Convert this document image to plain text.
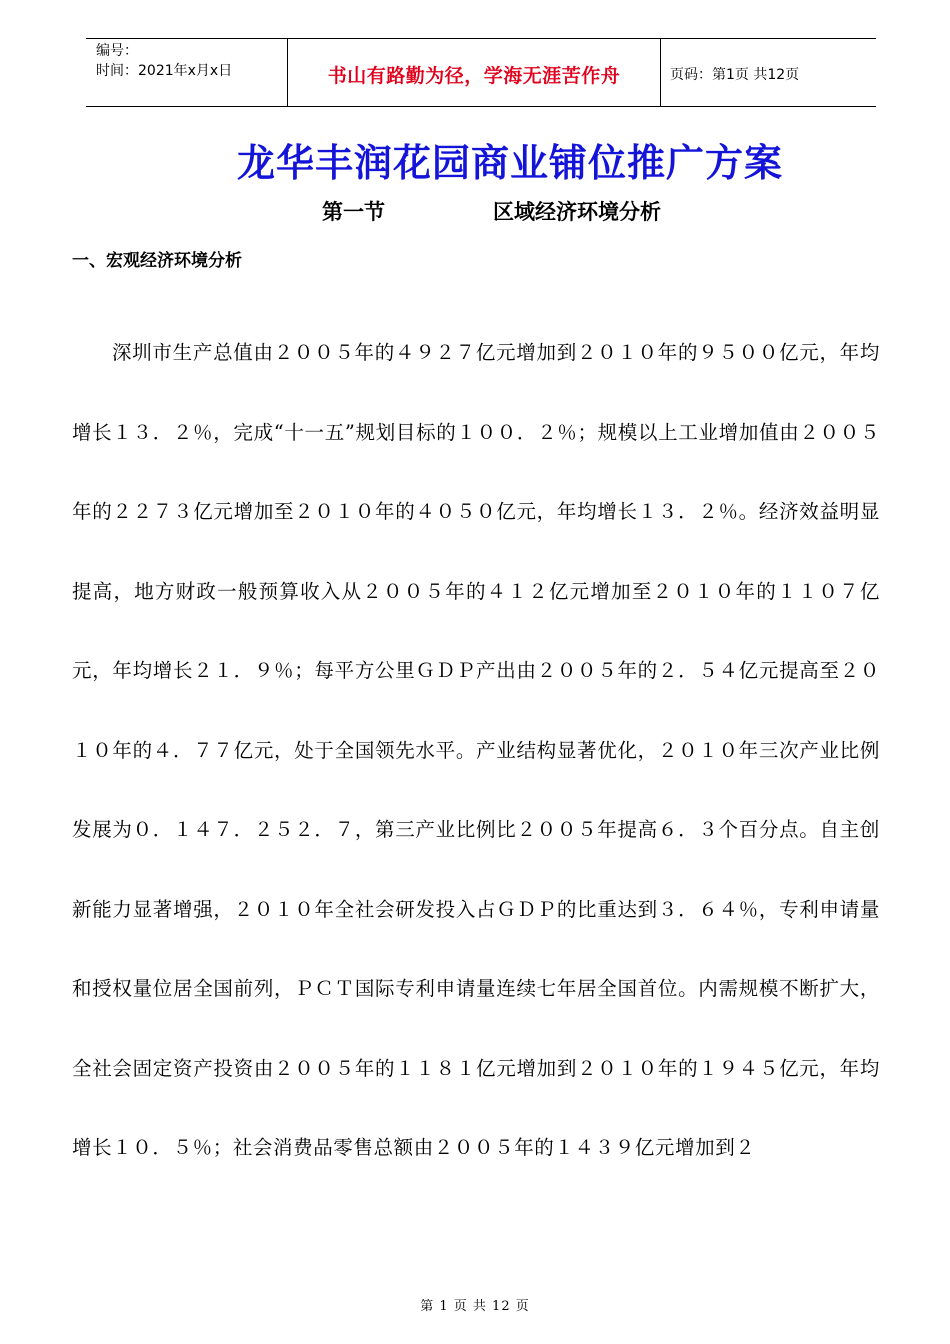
编号：
时间：2021年x月x日	书山有路勤为径，学海无涯苦作舟	页码：第1页 共12页
龙华丰润花园商业铺位推广方案
第一节	区域经济环境分析
一、宏观经济环境分析
深圳市生产总值由２００５年的４９２７亿元增加到２０１０年的９５００亿元，年均增长１３．２％，完成“十一五”规划目标的１００．２％；规模以上工业增加值由２００５年的２２７３亿元增加至２０１０年的４０５０亿元，年均增长１３．２％。经济效益明显提高，地方财政一般预算收入从２００５年的４１２亿元增加至２０１０年的１１０７亿元，年均增长２１．９％；每平方公里ＧＤＰ产出由２００５年的２．５４亿元提高至２０１０年的４．７７亿元，处于全国领先水平。产业结构显著优化，２０１０年三次产业比例发展为０．１４７．２５２．７，第三产业比例比２００５年提高６．３个百分点。自主创新能力显著增强，２０１０年全社会研发投入占ＧＤＰ的比重达到３．６４％，专利申请量和授权量位居全国前列，ＰＣＴ国际专利申请量连续七年居全国首位。内需规模不断扩大，全社会固定资产投资由２００５年的１１８１亿元增加到２０１０年的１９４５亿元，年均增长１０．５％；社会消费品零售总额由２００５年的１４３９亿元增加到２
第 1 页 共 12 页
